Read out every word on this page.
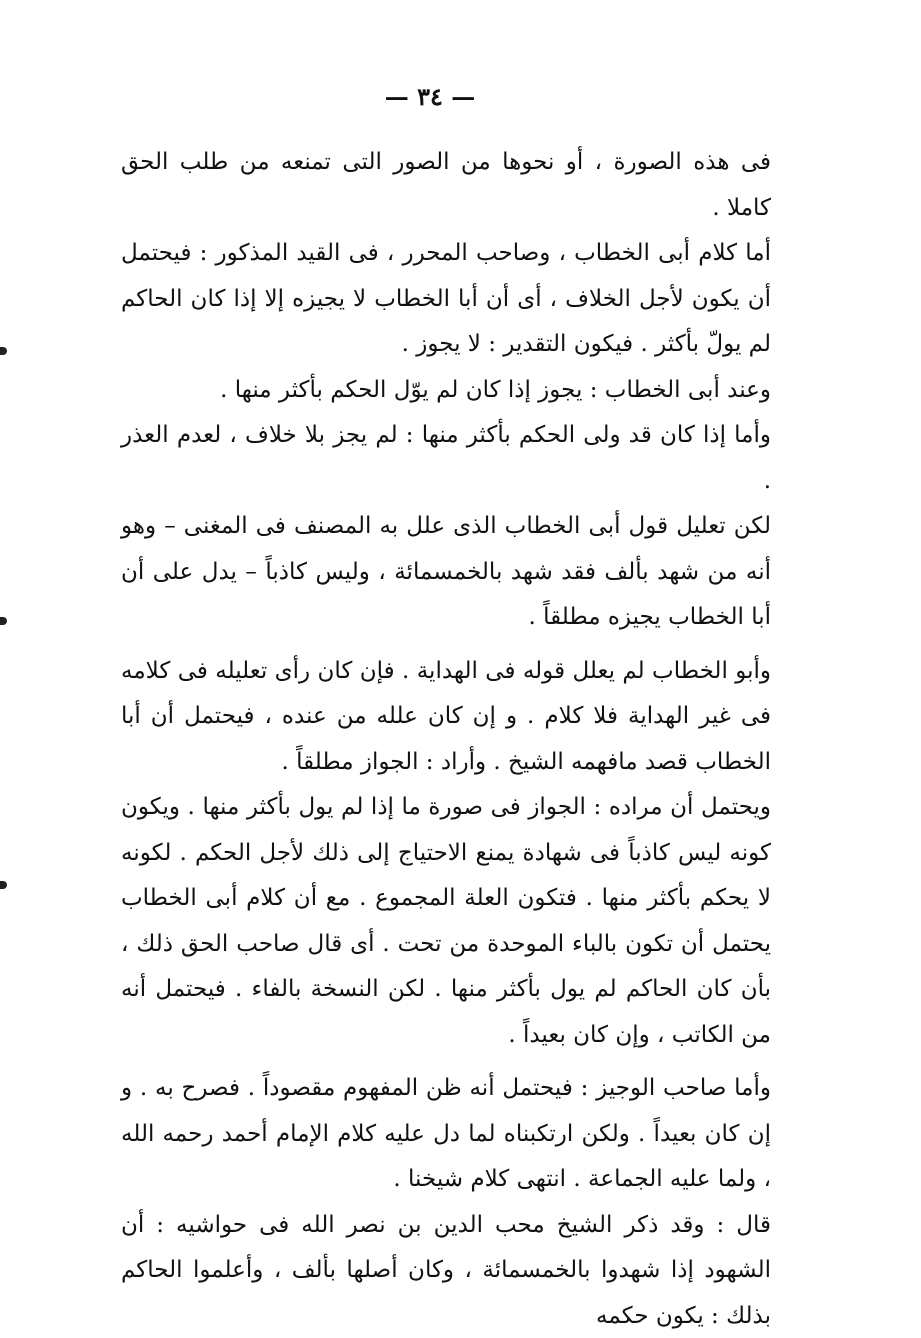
— ٣٤ —

فى هذه الصورة ، أو نحوها من الصور التى تمنعه من طلب الحق كاملا .

أما كلام أبى الخطاب ، وصاحب المحرر ، فى القيد المذكور : فيحتمل أن يكون لأجل الخلاف ، أى أن أبا الخطاب لا يجيزه إلا إذا كان الحاكم لم يولّ بأكثر . فيكون التقدير : لا يجوز .

وعند أبى الخطاب : يجوز إذا كان لم يوّل الحكم بأكثر منها .

وأما إذا كان قد ولى الحكم بأكثر منها : لم يجز بلا خلاف ، لعدم العذر .

لكن تعليل قول أبى الخطاب الذى علل به المصنف فى المغنى – وهو أنه من شهد بألف فقد شهد بالخمسمائة ، وليس كاذباً – يدل على أن أبا الخطاب يجيزه مطلقاً .

وأبو الخطاب لم يعلل قوله فى الهداية . فإن كان رأى تعليله فى كلامه فى غير الهداية فلا كلام . و إن كان علله من عنده ، فيحتمل أن أبا الخطاب قصد مافهمه الشيخ . وأراد : الجواز مطلقاً .

ويحتمل أن مراده : الجواز فى صورة ما إذا لم يول بأكثر منها . ويكون كونه ليس كاذباً فى شهادة يمنع الاحتياج إلى ذلك لأجل الحكم . لكونه لا يحكم بأكثر منها . فتكون العلة المجموع . مع أن كلام أبى الخطاب يحتمل أن تكون بالباء الموحدة من تحت . أى قال صاحب الحق ذلك ، بأن كان الحاكم لم يول بأكثر منها . لكن النسخة بالفاء . فيحتمل أنه من الكاتب ، وإن كان بعيداً .

وأما صاحب الوجيز : فيحتمل أنه ظن المفهوم مقصوداً . فصرح به . و إن كان بعيداً . ولكن ارتكبناه لما دل عليه كلام الإمام أحمد رحمه الله ، ولما عليه الجماعة . انتهى كلام شيخنا .

قال : وقد ذكر الشيخ محب الدين بن نصر الله فى حواشيه : أن الشهود إذا شهدوا بالخمسمائة ، وكان أصلها بألف ، وأعلموا الحاكم بذلك : يكون حكمه
